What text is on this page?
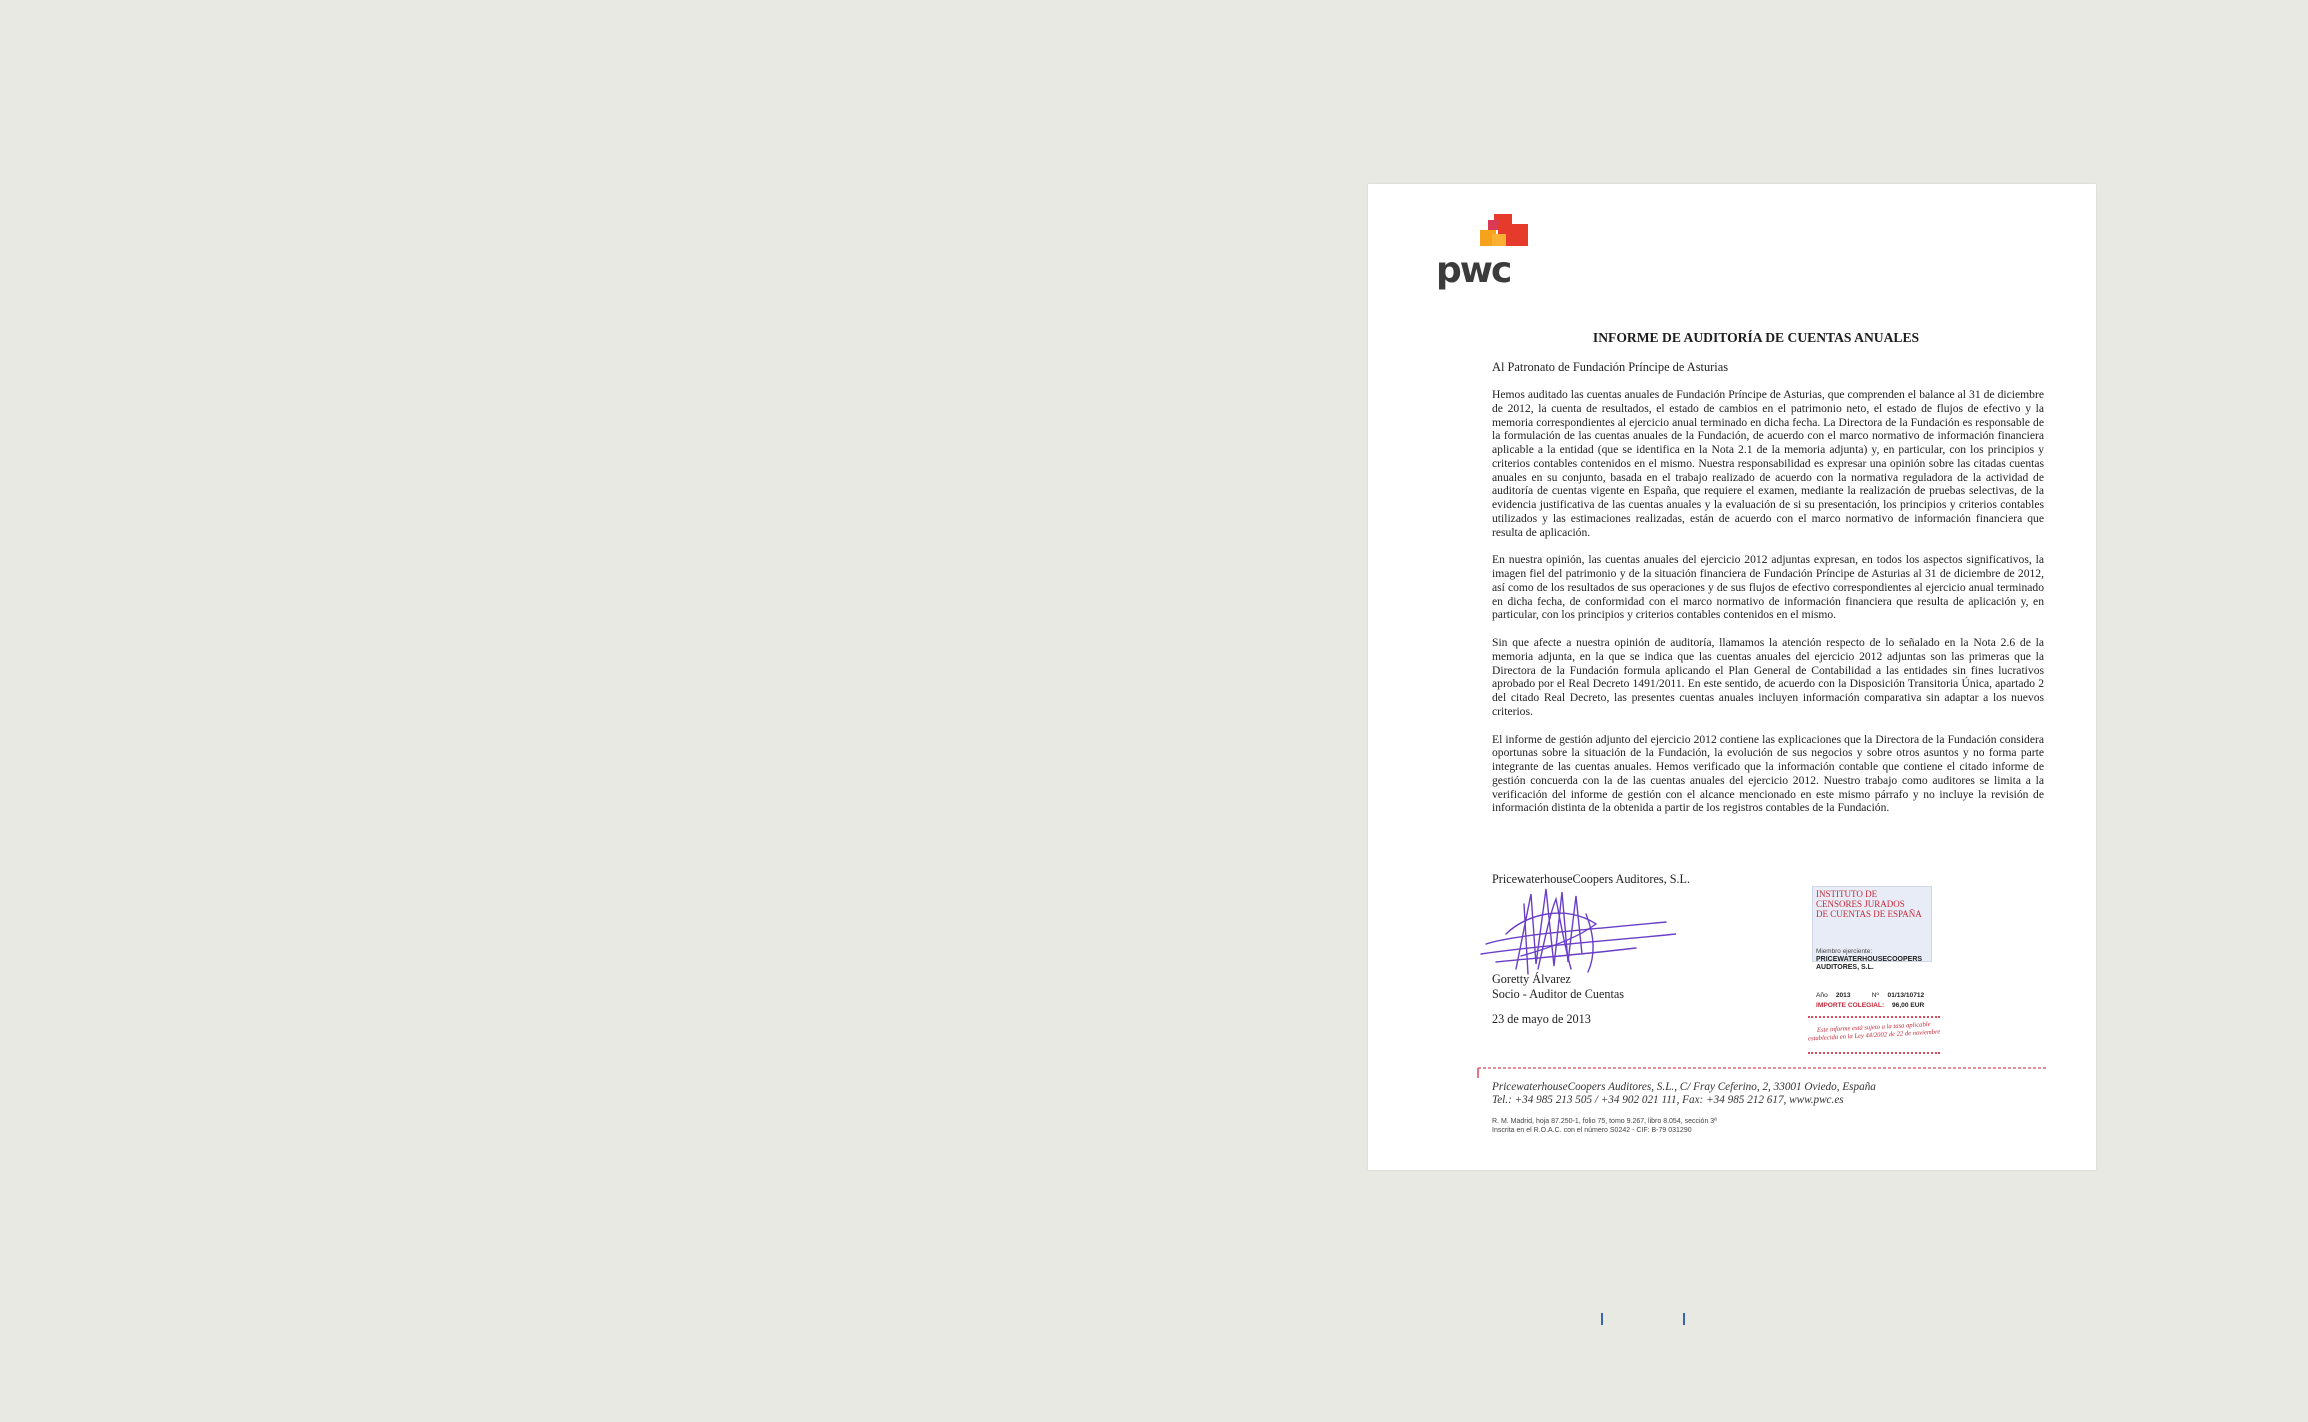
pwc
INFORME DE AUDITORÍA DE CUENTAS ANUALES
Al Patronato de Fundación Príncipe de Asturias

Hemos auditado las cuentas anuales de Fundación Príncipe de Asturias, que comprenden el balance al 31 de diciembre de 2012, la cuenta de resultados, el estado de cambios en el patrimonio neto, el estado de flujos de efectivo y la memoria correspondientes al ejercicio anual terminado en dicha fecha. La Directora de la Fundación es responsable de la formulación de las cuentas anuales de la Fundación, de acuerdo con el marco normativo de información financiera aplicable a la entidad (que se identifica en la Nota 2.1 de la memoria adjunta) y, en particular, con los principios y criterios contables contenidos en el mismo. Nuestra responsabilidad es expresar una opinión sobre las citadas cuentas anuales en su conjunto, basada en el trabajo realizado de acuerdo con la normativa reguladora de la actividad de auditoría de cuentas vigente en España, que requiere el examen, mediante la realización de pruebas selectivas, de la evidencia justificativa de las cuentas anuales y la evaluación de si su presentación, los principios y criterios contables utilizados y las estimaciones realizadas, están de acuerdo con el marco normativo de información financiera que resulta de aplicación.

En nuestra opinión, las cuentas anuales del ejercicio 2012 adjuntas expresan, en todos los aspectos significativos, la imagen fiel del patrimonio y de la situación financiera de Fundación Príncipe de Asturias al 31 de diciembre de 2012, así como de los resultados de sus operaciones y de sus flujos de efectivo correspondientes al ejercicio anual terminado en dicha fecha, de conformidad con el marco normativo de información financiera que resulta de aplicación y, en particular, con los principios y criterios contables contenidos en el mismo.

Sin que afecte a nuestra opinión de auditoría, llamamos la atención respecto de lo señalado en la Nota 2.6 de la memoria adjunta, en la que se indica que las cuentas anuales del ejercicio 2012 adjuntas son las primeras que la Directora de la Fundación formula aplicando el Plan General de Contabilidad a las entidades sin fines lucrativos aprobado por el Real Decreto 1491/2011. En este sentido, de acuerdo con la Disposición Transitoria Única, apartado 2 del citado Real Decreto, las presentes cuentas anuales incluyen información comparativa sin adaptar a los nuevos criterios.

El informe de gestión adjunto del ejercicio 2012 contiene las explicaciones que la Directora de la Fundación considera oportunas sobre la situación de la Fundación, la evolución de sus negocios y sobre otros asuntos y no forma parte integrante de las cuentas anuales. Hemos verificado que la información contable que contiene el citado informe de gestión concuerda con la de las cuentas anuales del ejercicio 2012. Nuestro trabajo como auditores se limita a la verificación del informe de gestión con el alcance mencionado en este mismo párrafo y no incluye la revisión de información distinta de la obtenida a partir de los registros contables de la Fundación.

PricewaterhouseCoopers Auditores, S.L.
Goretty Álvarez
Socio - Auditor de Cuentas
23 de mayo de 2013
INSTITUTO DE
CENSORES JURADOS
DE CUENTAS DE ESPAÑA
Miembro ejerciente:
PRICEWATERHOUSECOOPERS AUDITORES, S.L.
Año 2013	Nº 01/13/10712
IMPORTE COLEGIAL: 96,00 EUR
Este informe está sujeto a la tasa aplicable establecida en la Ley 44/2002 de 22 de noviembre
PricewaterhouseCoopers Auditores, S.L., C/ Fray Ceferino, 2, 33001 Oviedo, España
Tel.: +34 985 213 505 / +34 902 021 111, Fax: +34 985 212 617, www.pwc.es
R. M. Madrid, hoja 87.250-1, folio 75, tomo 9.267, libro 8.054, sección 3ª
Inscrita en el R.O.A.C. con el número S0242 - CIF: B-79 031290
